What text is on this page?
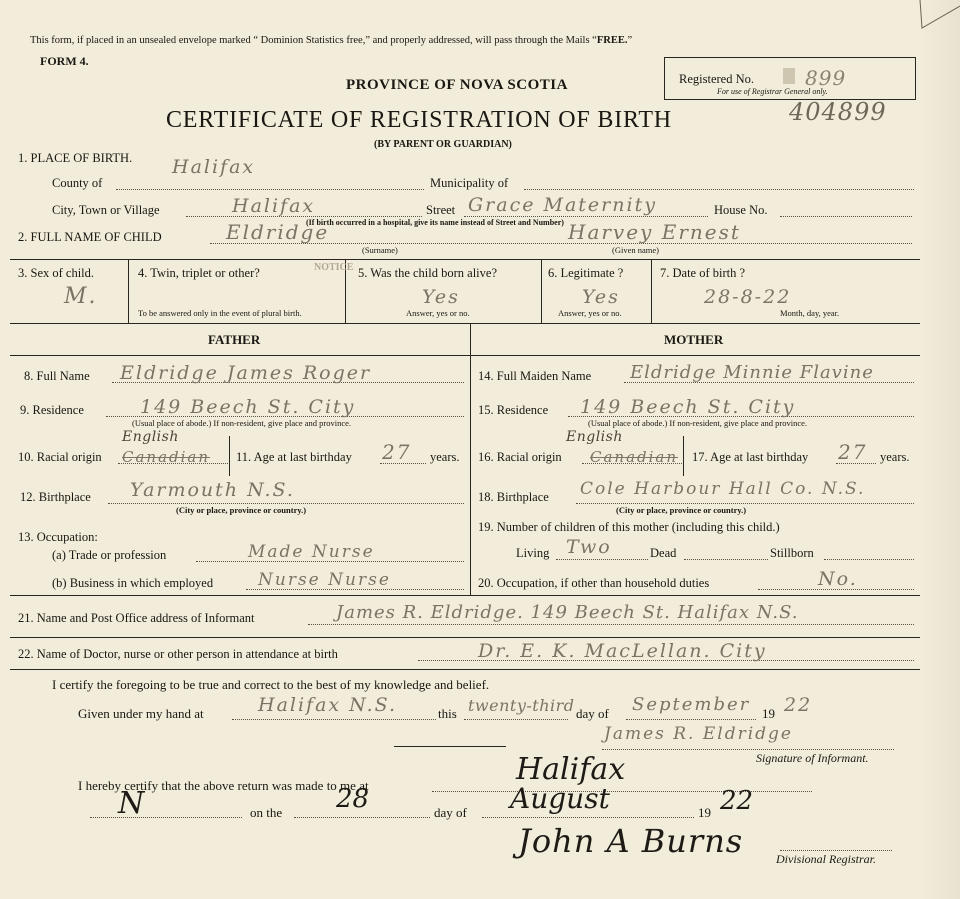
This form, if placed in an unsealed envelope marked “ Dominion Statistics free,” and properly addressed, will pass through the Mails “FREE.”
FORM 4.
PROVINCE OF NOVA SCOTIA
CERTIFICATE OF REGISTRATION OF BIRTH
(BY PARENT OR GUARDIAN)
Registered No.	899
For use of Registrar General only.
404899
1. PLACE OF BIRTH.
County of
Halifax
Municipality of
City, Town or Village	Halifax	Street Grace Maternity	House No.
(If birth occurred in a hospital, give its name instead of Street and Number)
2. FULL NAME OF CHILD	Eldridge	Harvey Ernest
(Surname)	(Given name)
3. Sex of child.
M.
4. Twin, triplet or other?
To be answered only in the event of plural birth.
NOTICE 5. Was the child born alive?
Yes
Answer, yes or no.
6. Legitimate ?
Yes
Answer, yes or no.
7. Date of birth ?
28-8-22
Month, day, year.
FATHER	MOTHER
8. Full Name Eldridge James Roger
9. Residence	149 Beech St. City
(Usual place of abode.) If non-resident, give place and province.
English
10. Racial origin Canadian 11. Age at last birthday 27 years.
12. Birthplace Yarmouth N.S.
(City or place, province or country.)
13. Occupation:
(a) Trade or profession	Made Nurse
(b) Business in which employed	Nurse Nurse
14. Full Maiden Name Eldridge Minnie Flavine
15. Residence 149 Beech St. City
(Usual place of abode.) If non-resident, give place and province.
English
16. Racial origin Canadian 17. Age at last birthday 27 years.
18. Birthplace Cole Harbour Hall Co. N.S.
(City or place, province or country.)
19. Number of children of this mother (including this child.)
Living Two	Dead	Stillborn
20. Occupation, if other than household duties	No.
21. Name and Post Office address of Informant	James R. Eldridge. 149 Beech St. Halifax N.S.
22. Name of Doctor, nurse or other person in attendance at birth	Dr. E. K. MacLellan. City
I certify the foregoing to be true and correct to the best of my knowledge and belief.
Given under my hand at	Halifax N.S.	this twenty-third day of September 19 22
James R. Eldridge
Signature of Informant.
I hereby certify that the above return was made to me at	Halifax
N	on the 28	day of August	19 22
John A Burns	Divisional Registrar.
